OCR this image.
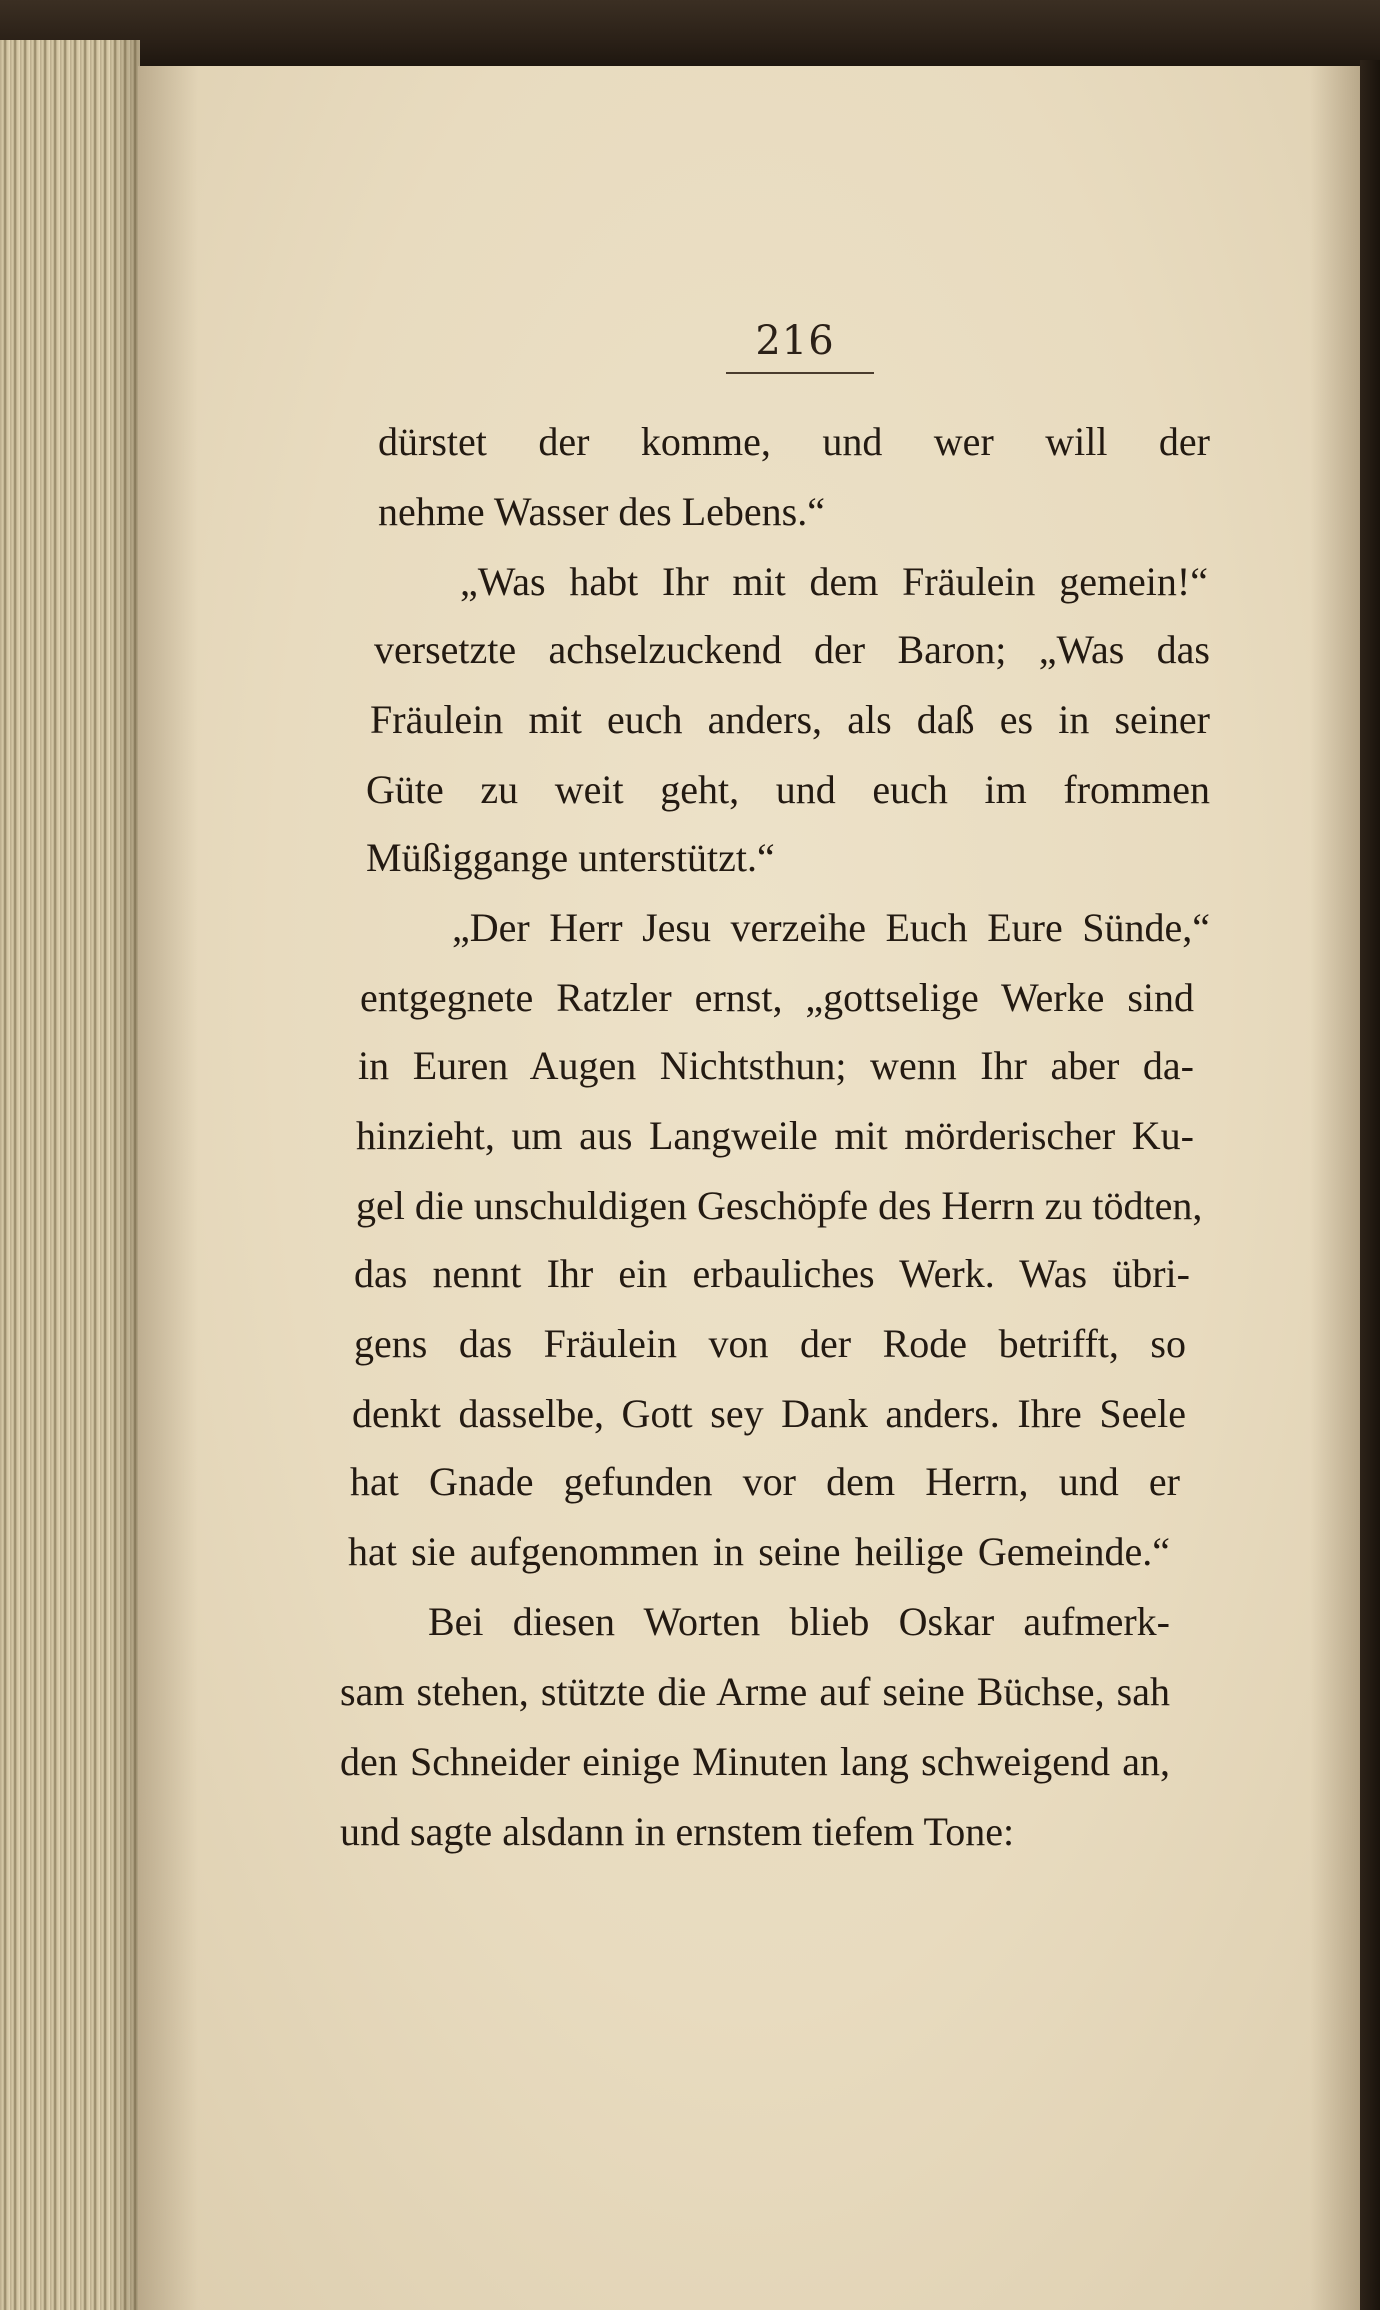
216
dürstet der komme, und wer will der
nehme Wasser des Lebens.“
„Was habt Ihr mit dem Fräulein gemein!“
versetzte achselzuckend der Baron; „Was das
Fräulein mit euch anders, als daß es in seiner
Güte zu weit geht, und euch im frommen
Müßiggange unterstützt.“
„Der Herr Jesu verzeihe Euch Eure Sünde,“
entgegnete Ratzler ernst, „gottselige Werke sind
in Euren Augen Nichtsthun; wenn Ihr aber da-
hinzieht, um aus Langweile mit mörderischer Ku-
gel die unschuldigen Geschöpfe des Herrn zu tödten,
das nennt Ihr ein erbauliches Werk. Was übri-
gens das Fräulein von der Rode betrifft, so
denkt dasselbe, Gott sey Dank anders. Ihre Seele
hat Gnade gefunden vor dem Herrn, und er
hat sie aufgenommen in seine heilige Gemeinde.“
Bei diesen Worten blieb Oskar aufmerk-
sam stehen, stützte die Arme auf seine Büchse, sah
den Schneider einige Minuten lang schweigend an,
und sagte alsdann in ernstem tiefem Tone:
